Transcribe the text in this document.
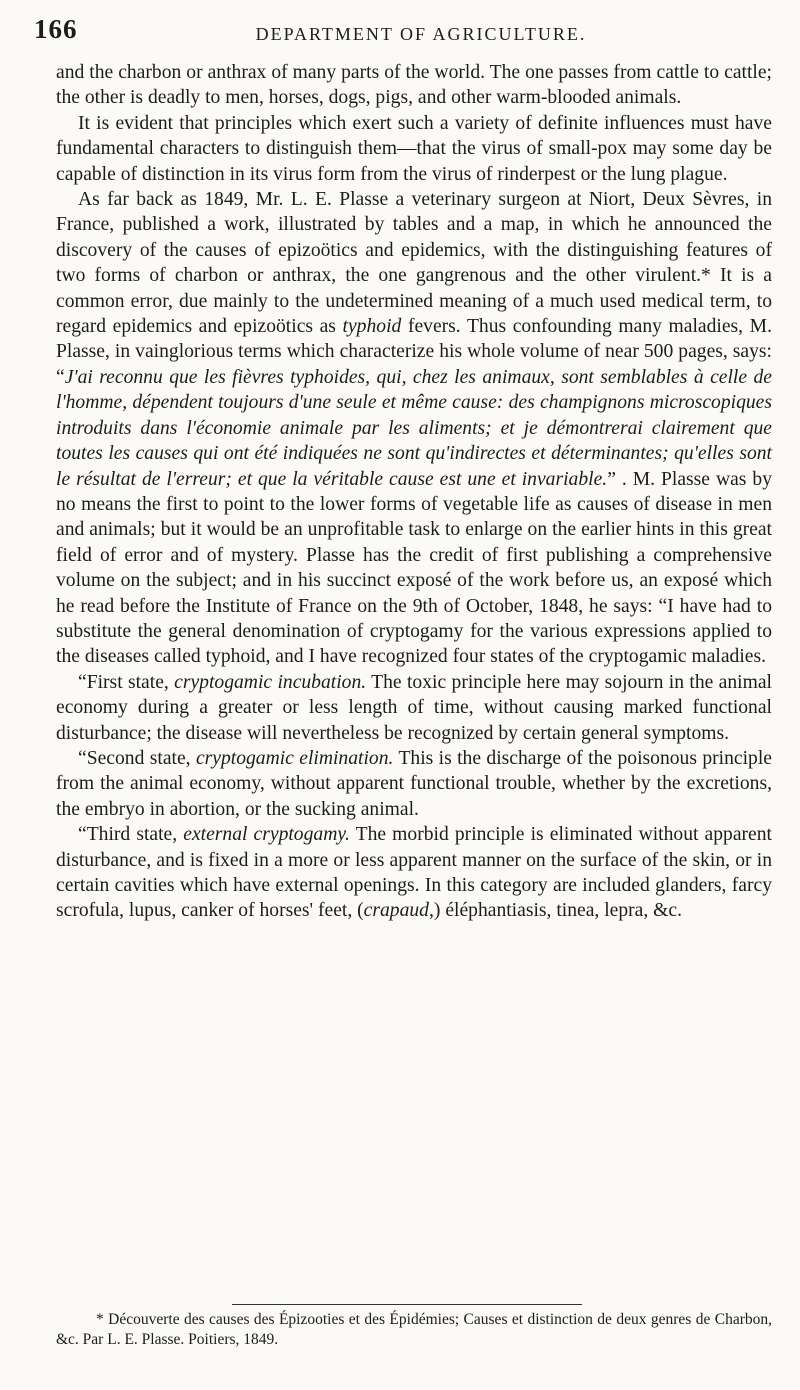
166	DEPARTMENT OF AGRICULTURE.

and the charbon or anthrax of many parts of the world. The one passes from cattle to cattle; the other is deadly to men, horses, dogs, pigs, and other warm-blooded animals.

It is evident that principles which exert such a variety of definite influences must have fundamental characters to distinguish them—that the virus of small-pox may some day be capable of distinction in its virus form from the virus of rinderpest or the lung plague.

As far back as 1849, Mr. L. E. Plasse a veterinary surgeon at Niort, Deux Sèvres, in France, published a work, illustrated by tables and a map, in which he announced the discovery of the causes of epizoötics and epidemics, with the distinguishing features of two forms of charbon or anthrax, the one gangrenous and the other virulent.* It is a common error, due mainly to the undetermined meaning of a much used medical term, to regard epidemics and epizoötics as typhoid fevers. Thus confounding many maladies, M. Plasse, in vainglorious terms which characterize his whole volume of near 500 pages, says: “J'ai reconnu que les fièvres typhoides, qui, chez les animaux, sont semblables à celle de l'homme, dépendent toujours d'une seule et même cause: des champignons microscopiques introduits dans l'économie animale par les aliments; et je démontrerai clairement que toutes les causes qui ont été indiquées ne sont qu'indirectes et déterminantes; qu'elles sont le résultat de l'erreur; et que la véritable cause est une et invariable.” . M. Plasse was by no means the first to point to the lower forms of vegetable life as causes of disease in men and animals; but it would be an unprofitable task to enlarge on the earlier hints in this great field of error and of mystery. Plasse has the credit of first publishing a comprehensive volume on the subject; and in his succinct exposé of the work before us, an exposé which he read before the Institute of France on the 9th of October, 1848, he says: “I have had to substitute the general denomination of cryptogamy for the various expressions applied to the diseases called typhoid, and I have recognized four states of the cryptogamic maladies.

“First state, cryptogamic incubation. The toxic principle here may sojourn in the animal economy during a greater or less length of time, without causing marked functional disturbance; the disease will nevertheless be recognized by certain general symptoms.

“Second state, cryptogamic elimination. This is the discharge of the poisonous principle from the animal economy, without apparent functional trouble, whether by the excretions, the embryo in abortion, or the sucking animal.

“Third state, external cryptogamy. The morbid principle is eliminated without apparent disturbance, and is fixed in a more or less apparent manner on the surface of the skin, or in certain cavities which have external openings. In this category are included glanders, farcy scrofula, lupus, canker of horses' feet, (crapaud,) éléphantiasis, tinea, lepra, &c.

* Découverte des causes des Épizooties et des Épidémies; Causes et distinction de deux genres de Charbon, &c. Par L. E. Plasse. Poitiers, 1849.
